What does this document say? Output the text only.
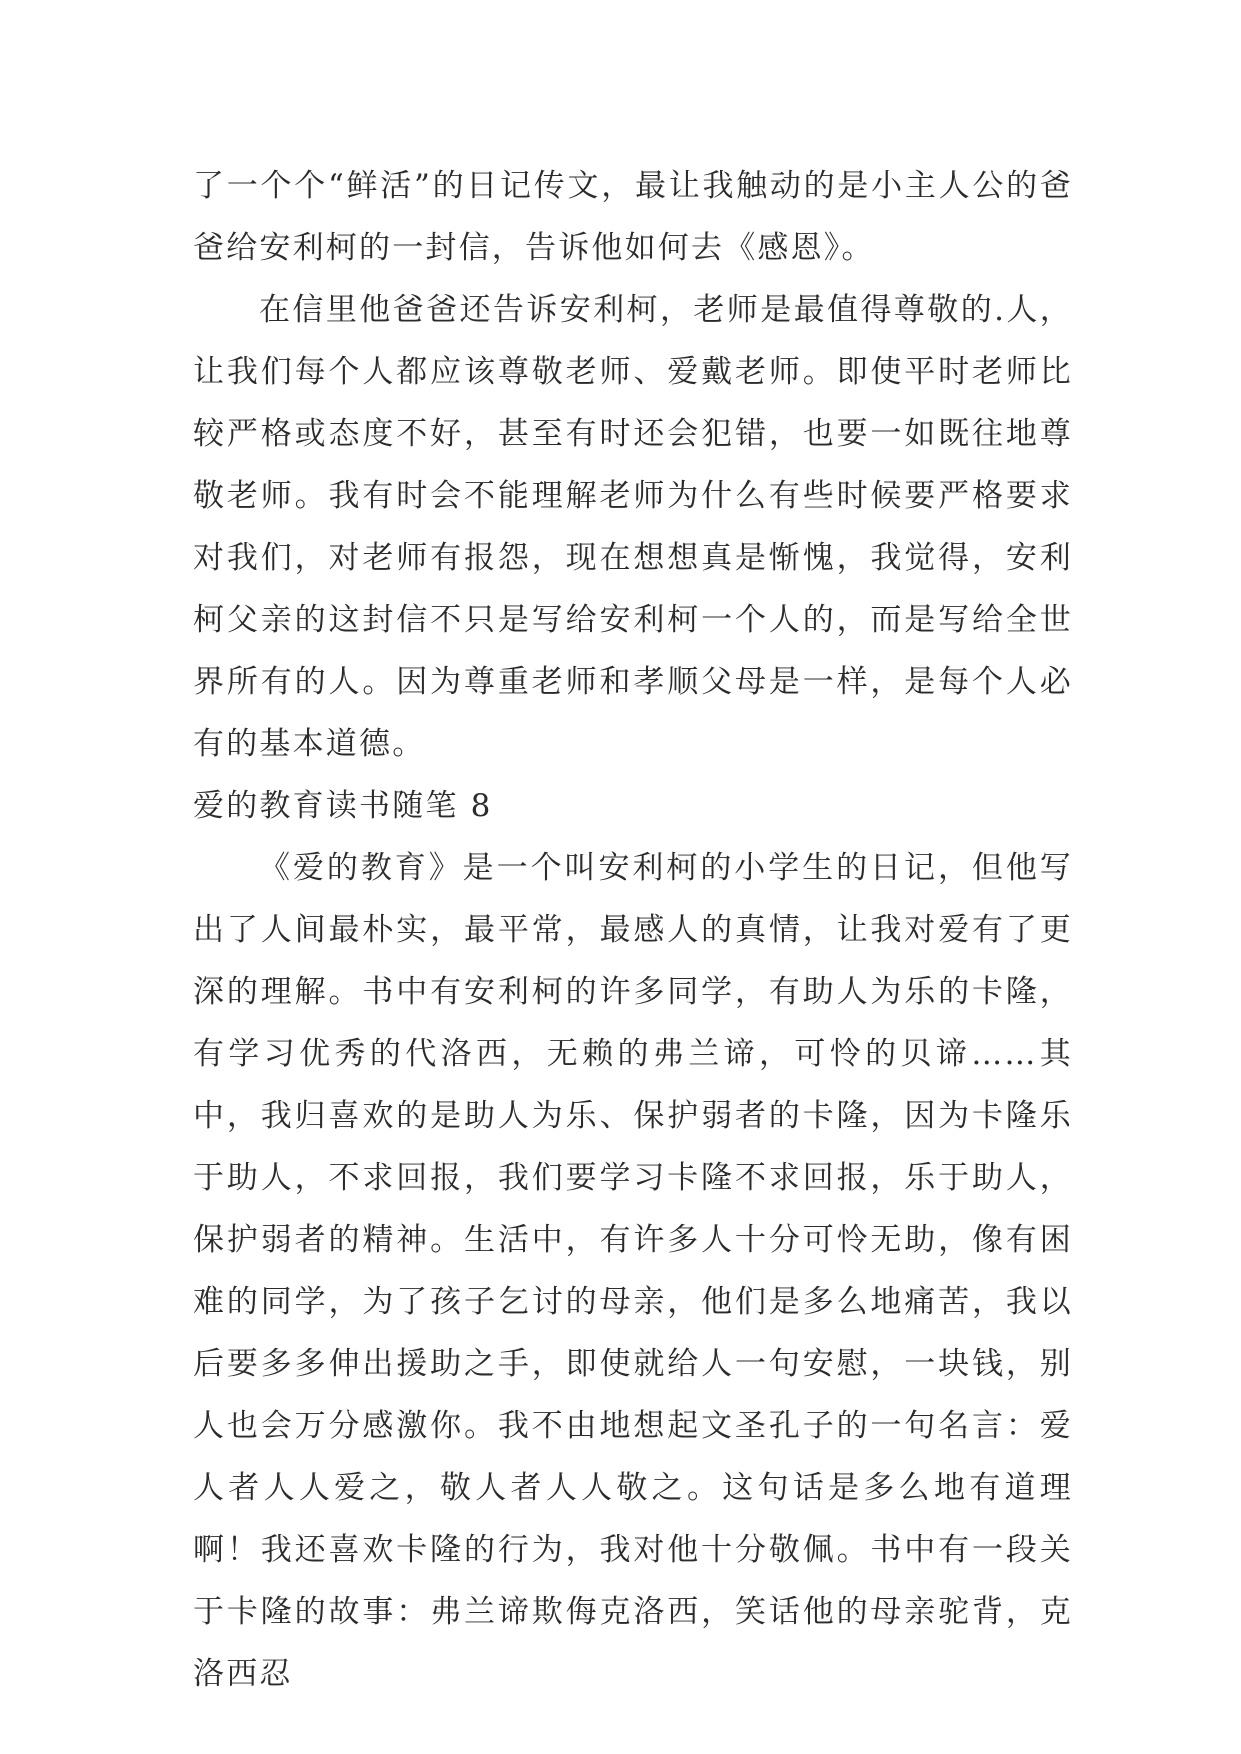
了一个个“鲜活”的日记传文，最让我触动的是小主人公的爸爸给安利柯的一封信，告诉他如何去《感恩》。

在信里他爸爸还告诉安利柯，老师是最值得尊敬的.人，让我们每个人都应该尊敬老师、爱戴老师。即使平时老师比较严格或态度不好，甚至有时还会犯错，也要一如既往地尊敬老师。我有时会不能理解老师为什么有些时候要严格要求对我们，对老师有报怨，现在想想真是惭愧，我觉得，安利柯父亲的这封信不只是写给安利柯一个人的，而是写给全世界所有的人。因为尊重老师和孝顺父母是一样，是每个人必有的基本道德。

爱的教育读书随笔 8

《爱的教育》是一个叫安利柯的小学生的日记，但他写出了人间最朴实，最平常，最感人的真情，让我对爱有了更深的理解。书中有安利柯的许多同学，有助人为乐的卡隆，有学习优秀的代洛西，无赖的弗兰谛，可怜的贝谛……其中，我归喜欢的是助人为乐、保护弱者的卡隆，因为卡隆乐于助人，不求回报，我们要学习卡隆不求回报，乐于助人，保护弱者的精神。生活中，有许多人十分可怜无助，像有困难的同学，为了孩子乞讨的母亲，他们是多么地痛苦，我以后要多多伸出援助之手，即使就给人一句安慰，一块钱，别人也会万分感激你。我不由地想起文圣孔子的一句名言：爱人者人人爱之，敬人者人人敬之。这句话是多么地有道理啊！我还喜欢卡隆的行为，我对他十分敬佩。书中有一段关于卡隆的故事：弗兰谛欺侮克洛西，笑话他的母亲驼背，克洛西忍
